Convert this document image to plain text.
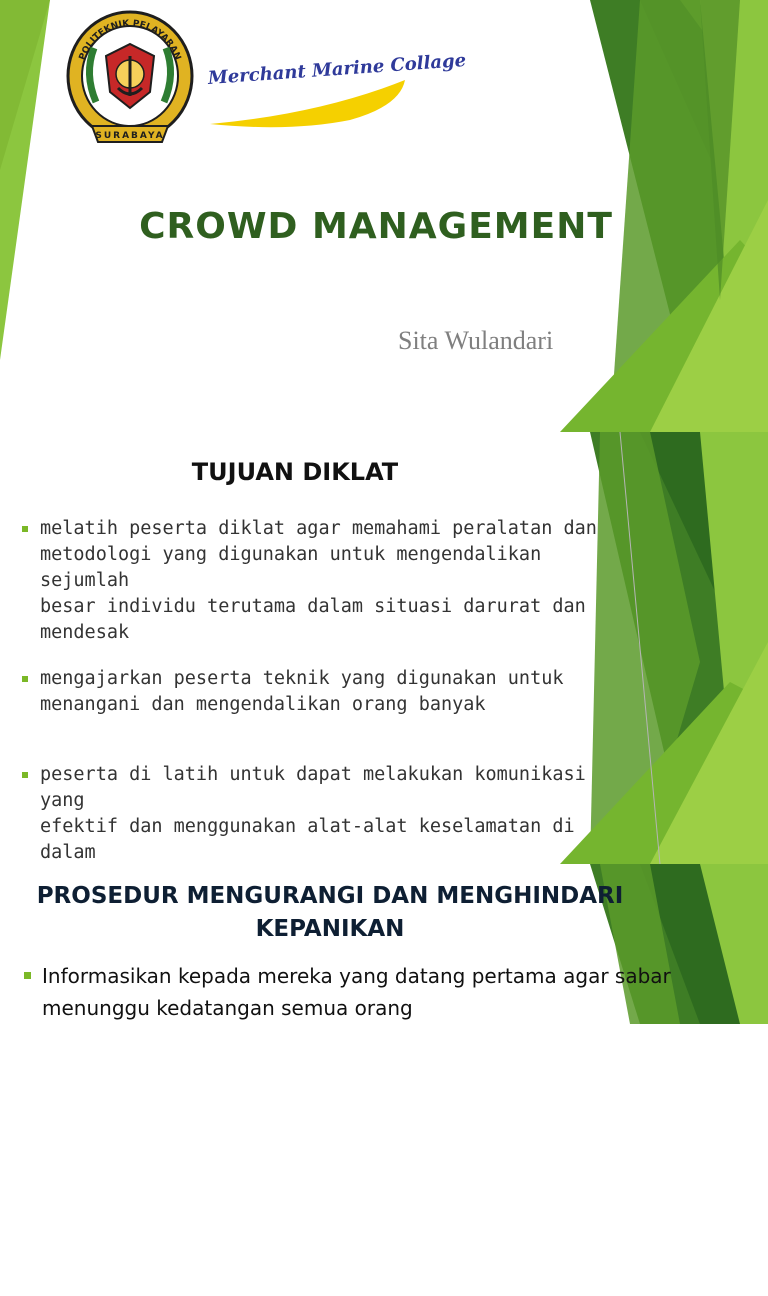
POLITEKNIK PELAYARAN
SURABAYA
Merchant Marine Collage
CROWD MANAGEMENT
Sita Wulandari
TUJUAN DIKLAT
melatih peserta diklat agar memahami peralatan dan
metodologi yang digunakan untuk mengendalikan sejumlah
besar individu terutama dalam situasi darurat dan
mendesak
mengajarkan peserta teknik yang digunakan untuk
menangani dan mengendalikan orang banyak
peserta di latih untuk dapat melakukan komunikasi yang
efektif dan menggunakan alat-alat keselamatan di dalam
PROSEDUR MENGURANGI DAN MENGHINDARI
KEPANIKAN
Informasikan kepada mereka yang datang pertama agar sabar
menunggu kedatangan semua orang
